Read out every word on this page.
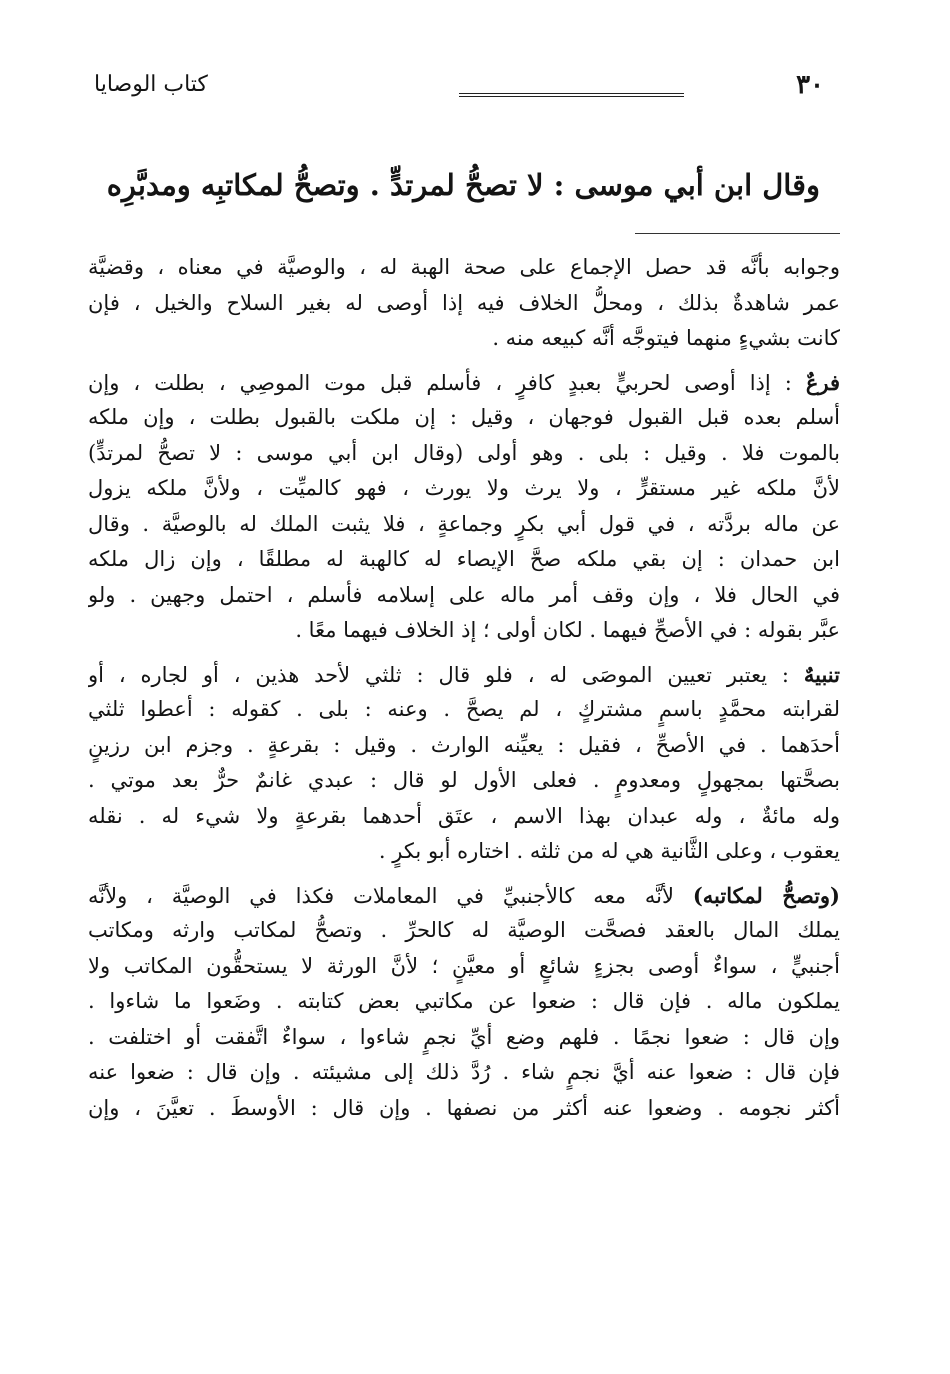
٣٠
كتاب الوصايا
وقال ابن أبي موسى : لا تصحُّ لمرتدٍّ . وتصحُّ لمكاتبِه ومدبَّرِه
وجوابه بأنَّه قد حصل الإجماع على صحة الهبة له ، والوصيَّة في معناه ، وقضيَّة
عمر شاهدةٌ بذلك ، ومحلُّ الخلاف فيه إذا أوصى له بغير السلاح والخيل ، فإن
كانت بشيءٍ منهما فيتوجَّه أنَّه كبيعه منه .
فرعٌ : إذا أوصى لحربيٍّ بعبدٍ كافرٍ ، فأسلم قبل موت الموصِي ، بطلت ، وإن
أسلم بعده قبل القبول فوجهان ، وقيل : إن ملكت بالقبول بطلت ، وإن ملكه
بالموت فلا . وقيل : بلى . وهو أولى (وقال ابن أبي موسى : لا تصحُّ لمرتدٍّ)
لأنَّ ملكه غير مستقرٍّ ، ولا يرث ولا يورث ، فهو كالميِّت ، ولأنَّ ملكه يزول
عن ماله بردَّته ، في قول أبي بكرٍ وجماعةٍ ، فلا يثبت الملك له بالوصيَّة . وقال
ابن حمدان : إن بقي ملكه صحَّ الإيصاء له كالهبة له مطلقًا ، وإن زال ملكه
في الحال فلا ، وإن وقف أمر ماله على إسلامه فأسلم ، احتمل وجهين . ولو
عبَّر بقوله : في الأصحِّ فيهما . لكان أولى ؛ إذ الخلاف فيهما معًا .
تنبيهٌ : يعتبر تعيين الموصَى له ، فلو قال : ثلثي لأحد هذين ، أو لجاره ، أو
لقرابته محمَّدٍ باسمٍ مشتركٍ ، لم يصحَّ . وعنه : بلى . كقوله : أعطوا ثلثي
أحدَهما . في الأصحِّ ، فقيل : يعيِّنه الوارث . وقيل : بقرعةٍ . وجزم ابن رزينٍ
بصحَّتها بمجهولٍ ومعدومٍ . فعلى الأول لو قال : عبدي غانمٌ حرٌّ بعد موتي .
وله مائةٌ ، وله عبدان بهذا الاسم ، عتَق أحدهما بقرعةٍ ولا شيء له . نقله
يعقوب ، وعلى الثَّانية هي له من ثلثه . اختاره أبو بكرٍ .
(وتصحُّ لمكاتبه) لأنَّه معه كالأجنبيِّ في المعاملات فكذا في الوصيَّة ، ولأنَّه
يملك المال بالعقد فصحَّت الوصيَّة له كالحرِّ . وتصحُّ لمكاتب وارثه ومكاتب
أجنبيٍّ ، سواءٌ أوصى بجزءٍ شائعٍ أو معيَّنٍ ؛ لأنَّ الورثة لا يستحقُّون المكاتب ولا
يملكون ماله . فإن قال : ضعوا عن مكاتبي بعض كتابته . وضَعوا ما شاءوا .
وإن قال : ضعوا نجمًا . فلهم وضع أيِّ نجمٍ شاءوا ، سواءٌ اتَّفقت أو اختلفت .
فإن قال : ضعوا عنه أيَّ نجمٍ شاء . رُدَّ ذلك إلى مشيئته . وإن قال : ضعوا عنه
أكثر نجومه . وضعوا عنه أكثر من نصفها . وإن قال : الأوسطَ . تعيَّنَ ، وإن
